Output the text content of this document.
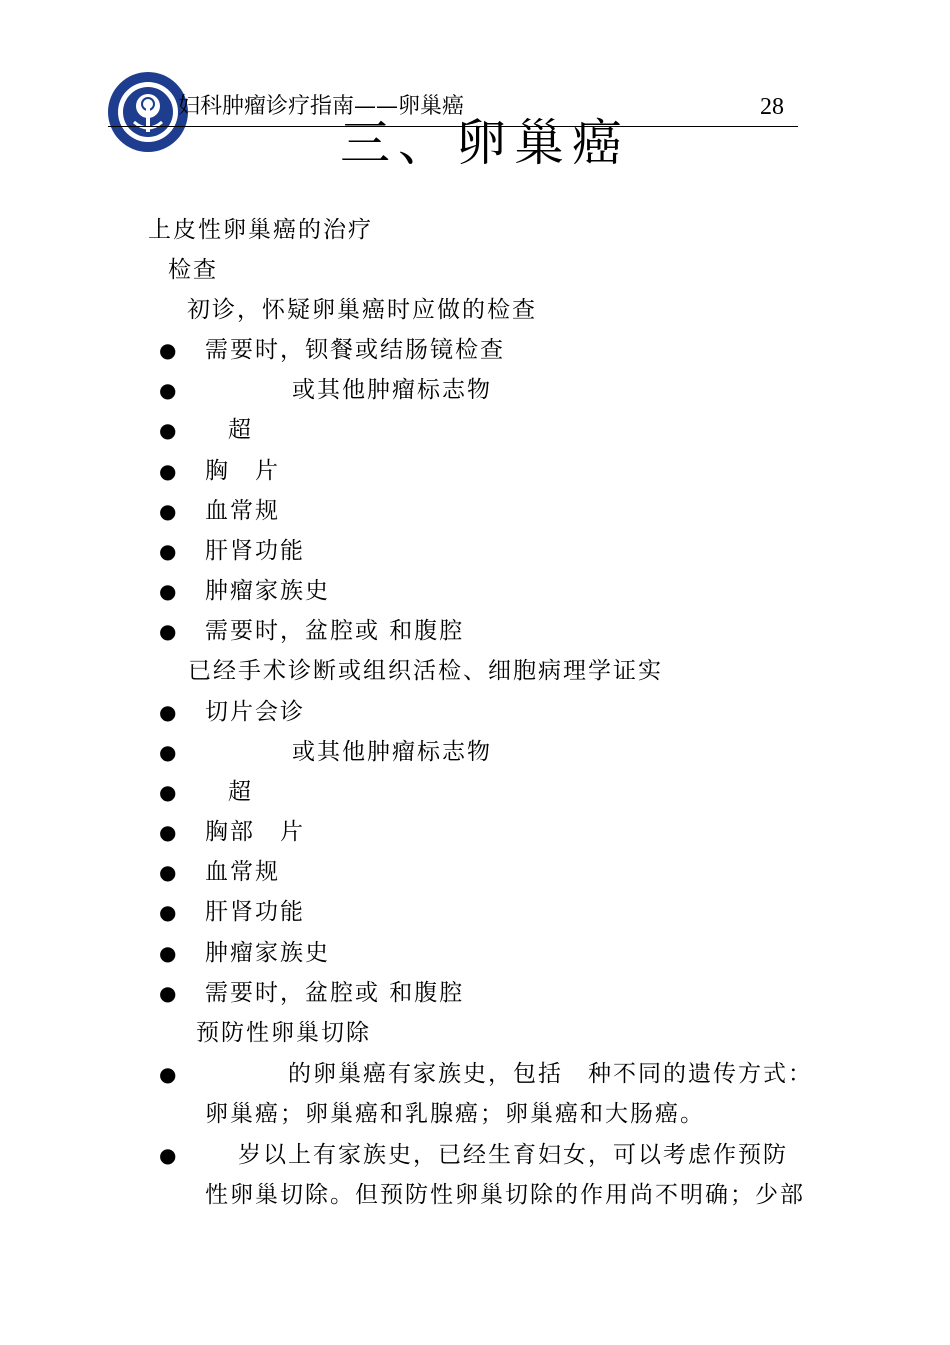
妇科肿瘤诊疗指南——卵巢癌	28
三、卵巢癌
上皮性卵巢癌的治疗
检查
初诊，怀疑卵巢癌时应做的检查
● 需要时，钡餐或结肠镜检查
●	或其他肿瘤标志物
● 超
● 胸　片
● 血常规
● 肝肾功能
● 肿瘤家族史
● 需要时，盆腔或 和腹腔
已经手术诊断或组织活检、细胞病理学证实
● 切片会诊
●	或其他肿瘤标志物
● 超
● 胸部　片
● 血常规
● 肝肾功能
● 肿瘤家族史
● 需要时，盆腔或 和腹腔
预防性卵巢切除
●	的卵巢癌有家族史，包括　种不同的遗传方式：
卵巢癌；卵巢癌和乳腺癌；卵巢癌和大肠癌。
●	岁以上有家族史，已经生育妇女，可以考虑作预防
性卵巢切除。但预防性卵巢切除的作用尚不明确；少部
